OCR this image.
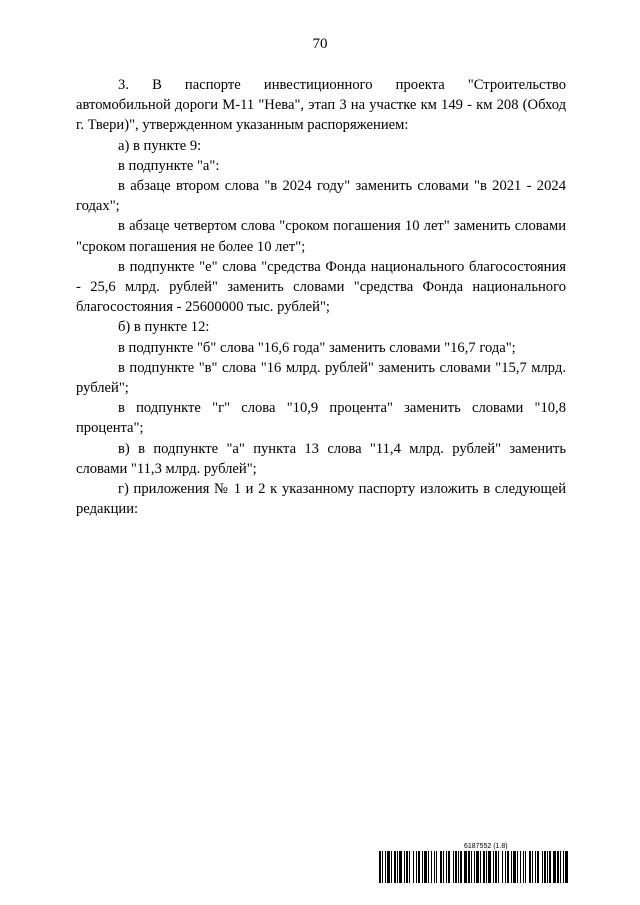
70

3. В паспорте инвестиционного проекта "Строительство автомобильной дороги М-11 "Нева", этап 3 на участке км 149 - км 208 (Обход г. Твери)", утвержденном указанным распоряжением:

а) в пункте 9:

в подпункте "а":

в абзаце втором слова "в 2024 году" заменить словами "в 2021 - 2024 годах";

в абзаце четвертом слова "сроком погашения 10 лет" заменить словами "сроком погашения не более 10 лет";

в подпункте "е" слова "средства Фонда национального благосостояния - 25,6 млрд. рублей" заменить словами "средства Фонда национального благосостояния - 25600000 тыс. рублей";

б) в пункте 12:

в подпункте "б" слова "16,6 года" заменить словами "16,7 года";

в подпункте "в" слова "16 млрд. рублей" заменить словами "15,7 млрд. рублей";

в подпункте "г" слова "10,9 процента" заменить словами "10,8 процента";

в) в подпункте "а" пункта 13 слова "11,4 млрд. рублей" заменить словами "11,3 млрд. рублей";

г) приложения № 1 и 2 к указанному паспорту изложить в следующей редакции:

6187552 (1.8)
